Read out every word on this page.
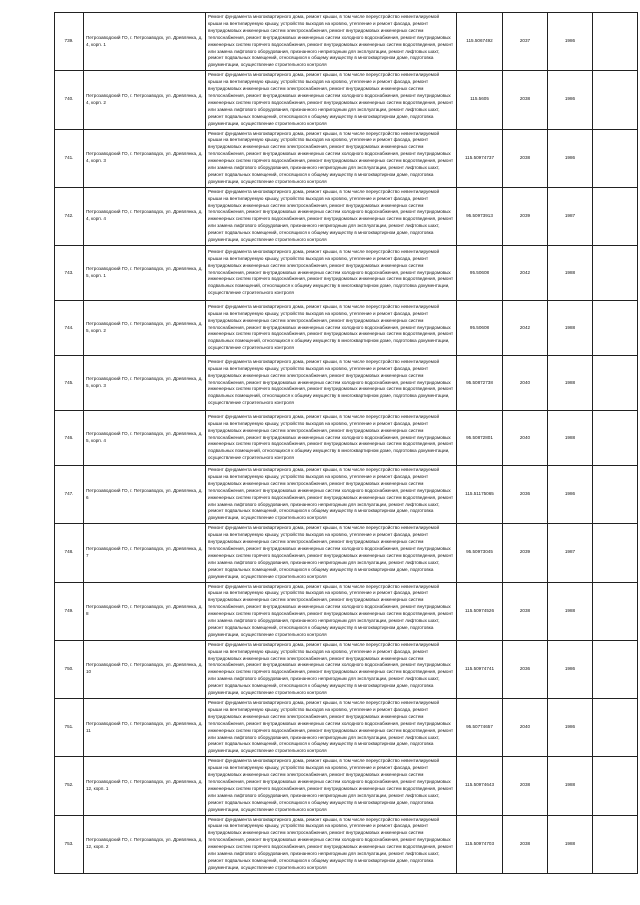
739.	Петрозаводский ГО, г. Петрозаводск, ул. Древлянка, д. 4, корп. 1	Ремонт фундамента многоквартирного дома, ремонт крыши, в том числе переустройство невентилируемой крыши на вентилируемую крышу, устройство выходов на кровлю, утепление и ремонт фасада, ремонт внутридомовых инженерных систем электроснабжения, ремонт внутридомовых инженерных систем теплоснабжения, ремонт внутридомовых инженерных систем холодного водоснабжения, ремонт внутридомовых инженерных систем горячего водоснабжения, ремонт внутридомовых инженерных систем водоотведения, ремонт или замена лифтового оборудования, признанного непригодным для эксплуатации, ремонт лифтовых шахт, ремонт подвальных помещений, относящихся к общему имуществу в многоквартирном доме, подготовка документации, осуществление строительного контроля	115.5067492	2037	1986	
740.	Петрозаводский ГО, г. Петрозаводск, ул. Древлянка, д. 4, корп. 2	Ремонт фундамента многоквартирного дома, ремонт крыши, в том числе переустройство невентилируемой крыши на вентилируемую крышу, устройство выходов на кровлю, утепление и ремонт фасада, ремонт внутридомовых инженерных систем электроснабжения, ремонт внутридомовых инженерных систем теплоснабжения, ремонт внутридомовых инженерных систем холодного водоснабжения, ремонт внутридомовых инженерных систем горячего водоснабжения, ремонт внутридомовых инженерных систем водоотведения, ремонт или замена лифтового оборудования, признанного непригодным для эксплуатации, ремонт лифтовых шахт, ремонт подвальных помещений, относящихся к общему имуществу в многоквартирном доме, подготовка документации, осуществление строительного контроля	115.5605	2038	1986	
741.	Петрозаводский ГО, г. Петрозаводск, ул. Древлянка, д. 4, корп. 3	Ремонт фундамента многоквартирного дома, ремонт крыши, в том числе переустройство невентилируемой крыши на вентилируемую крышу, устройство выходов на кровлю, утепление и ремонт фасада, ремонт внутридомовых инженерных систем электроснабжения, ремонт внутридомовых инженерных систем теплоснабжения, ремонт внутридомовых инженерных систем холодного водоснабжения, ремонт внутридомовых инженерных систем горячего водоснабжения, ремонт внутридомовых инженерных систем водоотведения, ремонт или замена лифтового оборудования, признанного непригодным для эксплуатации, ремонт лифтовых шахт, ремонт подвальных помещений, относящихся к общему имуществу в многоквартирном доме, подготовка документации, осуществление строительного контроля	115.50974737	2038	1986	
742.	Петрозаводский ГО, г. Петрозаводск, ул. Древлянка, д. 4, корп. 4	Ремонт фундамента многоквартирного дома, ремонт крыши, в том числе переустройство невентилируемой крыши на вентилируемую крышу, устройство выходов на кровлю, утепление и ремонт фасада, ремонт внутридомовых инженерных систем электроснабжения, ремонт внутридомовых инженерных систем теплоснабжения, ремонт внутридомовых инженерных систем холодного водоснабжения, ремонт внутридомовых инженерных систем горячего водоснабжения, ремонт внутридомовых инженерных систем водоотведения, ремонт или замена лифтового оборудования, признанного непригодным для эксплуатации, ремонт лифтовых шахт, ремонт подвальных помещений, относящихся к общему имуществу в многоквартирном доме, подготовка документации, осуществление строительного контроля	95.50973913	2039	1987	
743.	Петрозаводский ГО, г. Петрозаводск, ул. Древлянка, д. 5, корп. 1	Ремонт фундамента многоквартирного дома, ремонт крыши, в том числе переустройство невентилируемой крыши на вентилируемую крышу, устройство выходов на кровлю, утепление и ремонт фасада, ремонт внутридомовых инженерных систем электроснабжения, ремонт внутридомовых инженерных систем теплоснабжения, ремонт внутридомовых инженерных систем холодного водоснабжения, ремонт внутридомовых инженерных систем горячего водоснабжения, ремонт внутридомовых инженерных систем водоотведения, ремонт подвальных помещений, относящихся к общему имуществу в многоквартирном доме, подготовка документации, осуществление строительного контроля	95.50608	2042	1988	
744.	Петрозаводский ГО, г. Петрозаводск, ул. Древлянка, д. 5, корп. 2	Ремонт фундамента многоквартирного дома, ремонт крыши, в том числе переустройство невентилируемой крыши на вентилируемую крышу, устройство выходов на кровлю, утепление и ремонт фасада, ремонт внутридомовых инженерных систем электроснабжения, ремонт внутридомовых инженерных систем теплоснабжения, ремонт внутридомовых инженерных систем холодного водоснабжения, ремонт внутридомовых инженерных систем горячего водоснабжения, ремонт внутридомовых инженерных систем водоотведения, ремонт подвальных помещений, относящихся к общему имуществу в многоквартирном доме, подготовка документации, осуществление строительного контроля	95.50608	2042	1988	
745.	Петрозаводский ГО, г. Петрозаводск, ул. Древлянка, д. 5, корп. 3	Ремонт фундамента многоквартирного дома, ремонт крыши, в том числе переустройство невентилируемой крыши на вентилируемую крышу, устройство выходов на кровлю, утепление и ремонт фасада, ремонт внутридомовых инженерных систем электроснабжения, ремонт внутридомовых инженерных систем теплоснабжения, ремонт внутридомовых инженерных систем холодного водоснабжения, ремонт внутридомовых инженерных систем горячего водоснабжения, ремонт внутридомовых инженерных систем водоотведения, ремонт подвальных помещений, относящихся к общему имуществу в многоквартирном доме, подготовка документации, осуществление строительного контроля	95.50872738	2040	1988	
746.	Петрозаводский ГО, г. Петрозаводск, ул. Древлянка, д. 5, корп. 4	Ремонт фундамента многоквартирного дома, ремонт крыши, в том числе переустройство невентилируемой крыши на вентилируемую крышу, устройство выходов на кровлю, утепление и ремонт фасада, ремонт внутридомовых инженерных систем электроснабжения, ремонт внутридомовых инженерных систем теплоснабжения, ремонт внутридомовых инженерных систем холодного водоснабжения, ремонт внутридомовых инженерных систем горячего водоснабжения, ремонт внутридомовых инженерных систем водоотведения, ремонт подвальных помещений, относящихся к общему имуществу в многоквартирном доме, подготовка документации, осуществление строительного контроля	95.50872801	2040	1988	
747.	Петрозаводский ГО, г. Петрозаводск, ул. Древлянка, д. 6	Ремонт фундамента многоквартирного дома, ремонт крыши, в том числе переустройство невентилируемой крыши на вентилируемую крышу, устройство выходов на кровлю, утепление и ремонт фасада, ремонт внутридомовых инженерных систем электроснабжения, ремонт внутридомовых инженерных систем теплоснабжения, ремонт внутридомовых инженерных систем холодного водоснабжения, ремонт внутридомовых инженерных систем горячего водоснабжения, ремонт внутридомовых инженерных систем водоотведения, ремонт или замена лифтового оборудования, признанного непригодным для эксплуатации, ремонт лифтовых шахт, ремонт подвальных помещений, относящихся к общему имуществу в многоквартирном доме, подготовка документации, осуществление строительного контроля	115.51175065	2036	1986	
748.	Петрозаводский ГО, г. Петрозаводск, ул. Древлянка, д. 7	Ремонт фундамента многоквартирного дома, ремонт крыши, в том числе переустройство невентилируемой крыши на вентилируемую крышу, устройство выходов на кровлю, утепление и ремонт фасада, ремонт внутридомовых инженерных систем электроснабжения, ремонт внутридомовых инженерных систем теплоснабжения, ремонт внутридомовых инженерных систем холодного водоснабжения, ремонт внутридомовых инженерных систем горячего водоснабжения, ремонт внутридомовых инженерных систем водоотведения, ремонт или замена лифтового оборудования, признанного непригодным для эксплуатации, ремонт лифтовых шахт, ремонт подвальных помещений, относящихся к общему имуществу в многоквартирном доме, подготовка документации, осуществление строительного контроля	95.50973045	2039	1987	
749.	Петрозаводский ГО, г. Петрозаводск, ул. Древлянка, д. 8	Ремонт фундамента многоквартирного дома, ремонт крыши, в том числе переустройство невентилируемой крыши на вентилируемую крышу, устройство выходов на кровлю, утепление и ремонт фасада, ремонт внутридомовых инженерных систем электроснабжения, ремонт внутридомовых инженерных систем теплоснабжения, ремонт внутридомовых инженерных систем холодного водоснабжения, ремонт внутридомовых инженерных систем горячего водоснабжения, ремонт внутридомовых инженерных систем водоотведения, ремонт или замена лифтового оборудования, признанного непригодным для эксплуатации, ремонт лифтовых шахт, ремонт подвальных помещений, относящихся к общему имуществу в многоквартирном доме, подготовка документации, осуществление строительного контроля	115.50974526	2038	1988	
750.	Петрозаводский ГО, г. Петрозаводск, ул. Древлянка, д. 10	Ремонт фундамента многоквартирного дома, ремонт крыши, в том числе переустройство невентилируемой крыши на вентилируемую крышу, устройство выходов на кровлю, утепление и ремонт фасада, ремонт внутридомовых инженерных систем электроснабжения, ремонт внутридомовых инженерных систем теплоснабжения, ремонт внутридомовых инженерных систем холодного водоснабжения, ремонт внутридомовых инженерных систем горячего водоснабжения, ремонт внутридомовых инженерных систем водоотведения, ремонт или замена лифтового оборудования, признанного непригодным для эксплуатации, ремонт лифтовых шахт, ремонт подвальных помещений, относящихся к общему имуществу в многоквартирном доме, подготовка документации, осуществление строительного контроля	115.50974741	2036	1986	
751.	Петрозаводский ГО, г. Петрозаводск, ул. Древлянка, д. 11	Ремонт фундамента многоквартирного дома, ремонт крыши, в том числе переустройство невентилируемой крыши на вентилируемую крышу, устройство выходов на кровлю, утепление и ремонт фасада, ремонт внутридомовых инженерных систем электроснабжения, ремонт внутридомовых инженерных систем теплоснабжения, ремонт внутридомовых инженерных систем холодного водоснабжения, ремонт внутридомовых инженерных систем горячего водоснабжения, ремонт внутридомовых инженерных систем водоотведения, ремонт или замена лифтового оборудования, признанного непригодным для эксплуатации, ремонт лифтовых шахт, ремонт подвальных помещений, относящихся к общему имуществу в многоквартирном доме, подготовка документации, осуществление строительного контроля	95.50774657	2040	1986	
752.	Петрозаводский ГО, г. Петрозаводск, ул. Древлянка, д. 12, корп. 1	Ремонт фундамента многоквартирного дома, ремонт крыши, в том числе переустройство невентилируемой крыши на вентилируемую крышу, устройство выходов на кровлю, утепление и ремонт фасада, ремонт внутридомовых инженерных систем электроснабжения, ремонт внутридомовых инженерных систем теплоснабжения, ремонт внутридомовых инженерных систем холодного водоснабжения, ремонт внутридомовых инженерных систем горячего водоснабжения, ремонт внутридомовых инженерных систем водоотведения, ремонт или замена лифтового оборудования, признанного непригодным для эксплуатации, ремонт лифтовых шахт, ремонт подвальных помещений, относящихся к общему имуществу в многоквартирном доме, подготовка документации, осуществление строительного контроля	115.50974643	2038	1988	
753.	Петрозаводский ГО, г. Петрозаводск, ул. Древлянка, д. 12, корп. 2	Ремонт фундамента многоквартирного дома, ремонт крыши, в том числе переустройство невентилируемой крыши на вентилируемую крышу, устройство выходов на кровлю, утепление и ремонт фасада, ремонт внутридомовых инженерных систем электроснабжения, ремонт внутридомовых инженерных систем теплоснабжения, ремонт внутридомовых инженерных систем холодного водоснабжения, ремонт внутридомовых инженерных систем горячего водоснабжения, ремонт внутридомовых инженерных систем водоотведения, ремонт или замена лифтового оборудования, признанного непригодным для эксплуатации, ремонт лифтовых шахт, ремонт подвальных помещений, относящихся к общему имуществу в многоквартирном доме, подготовка документации, осуществление строительного контроля	115.50974703	2038	1988	
